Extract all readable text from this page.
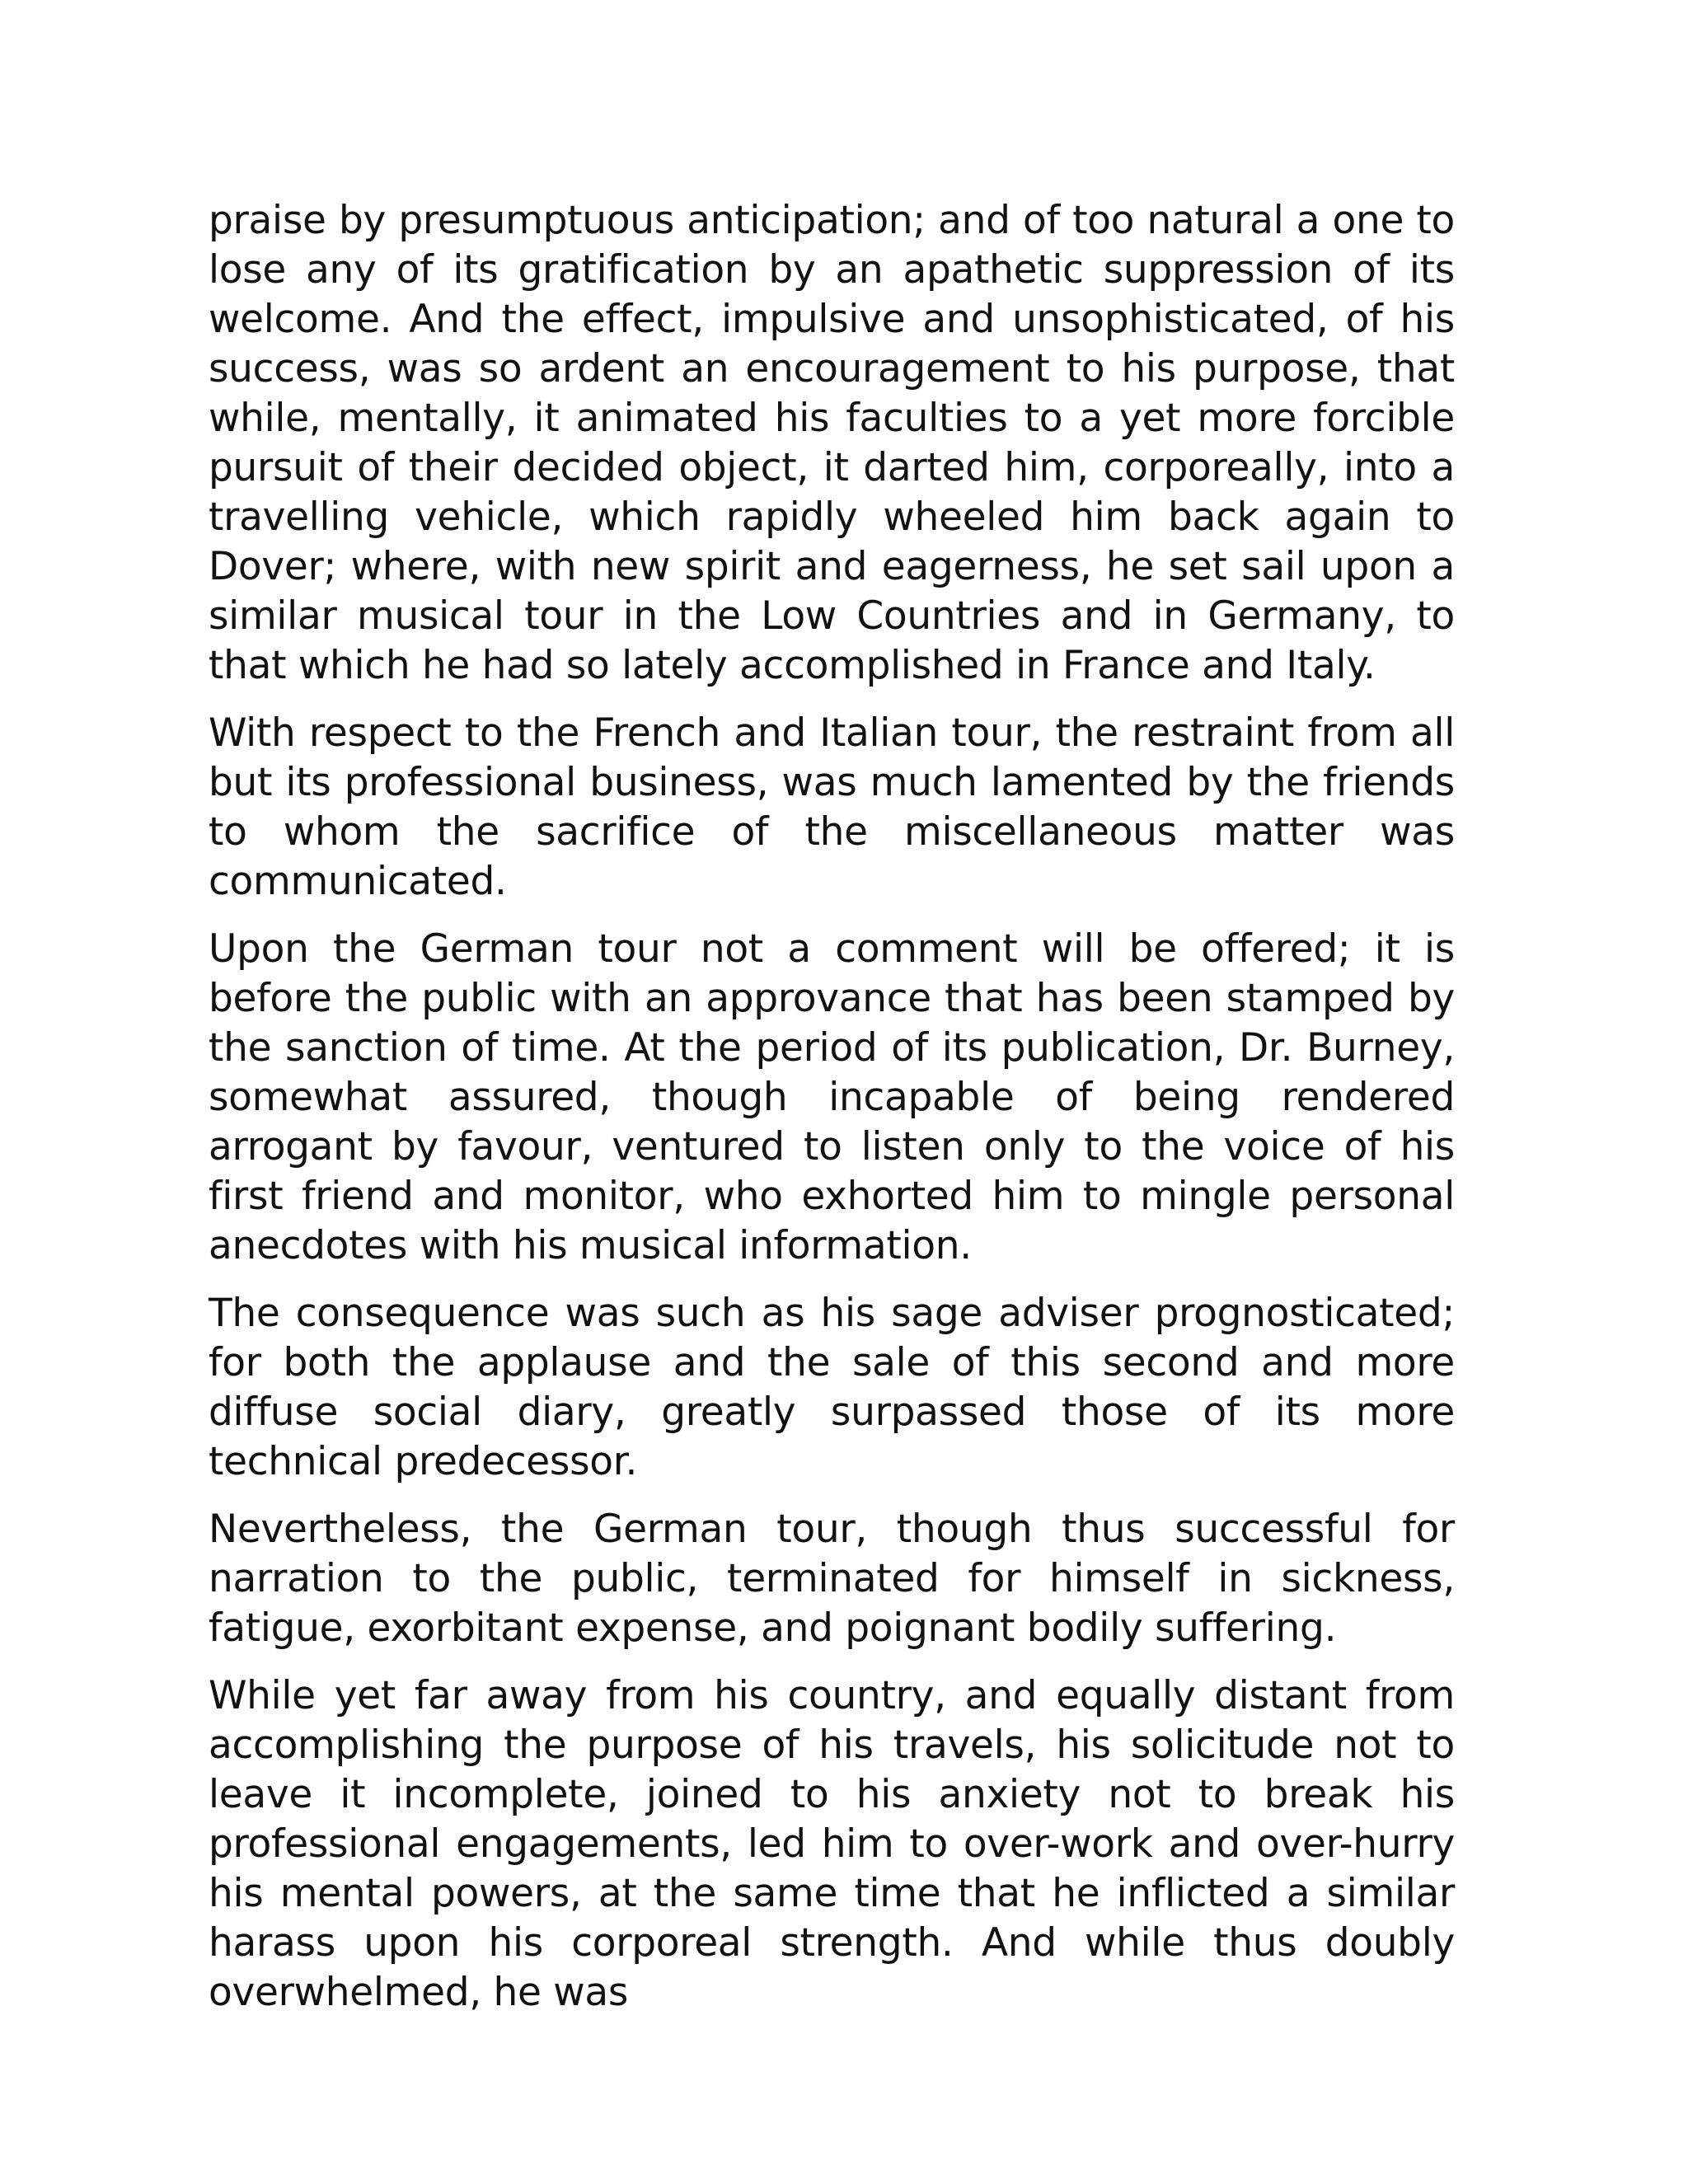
praise by presumptuous anticipation; and of too natural a one to lose any of its gratification by an apathetic suppression of its welcome. And the effect, impulsive and unsophisticated, of his success, was so ardent an encouragement to his purpose, that while, mentally, it animated his faculties to a yet more forcible pursuit of their decided object, it darted him, corporeally, into a travelling vehicle, which rapidly wheeled him back again to Dover; where, with new spirit and eagerness, he set sail upon a similar musical tour in the Low Countries and in Germany, to that which he had so lately accomplished in France and Italy.

With respect to the French and Italian tour, the restraint from all but its professional business, was much lamented by the friends to whom the sacrifice of the miscellaneous matter was communicated.

Upon the German tour not a comment will be offered; it is before the public with an approvance that has been stamped by the sanction of time. At the period of its publication, Dr. Burney, somewhat assured, though incapable of being rendered arrogant by favour, ventured to listen only to the voice of his first friend and monitor, who exhorted him to mingle personal anecdotes with his musical information.

The consequence was such as his sage adviser prognosticated; for both the applause and the sale of this second and more diffuse social diary, greatly surpassed those of its more technical predecessor.

Nevertheless, the German tour, though thus successful for narration to the public, terminated for himself in sickness, fatigue, exorbitant expense, and poignant bodily suffering.

While yet far away from his country, and equally distant from accomplishing the purpose of his travels, his solicitude not to leave it incomplete, joined to his anxiety not to break his professional engagements, led him to over-work and over-hurry his mental powers, at the same time that he inflicted a similar harass upon his corporeal strength. And while thus doubly overwhelmed, he was
